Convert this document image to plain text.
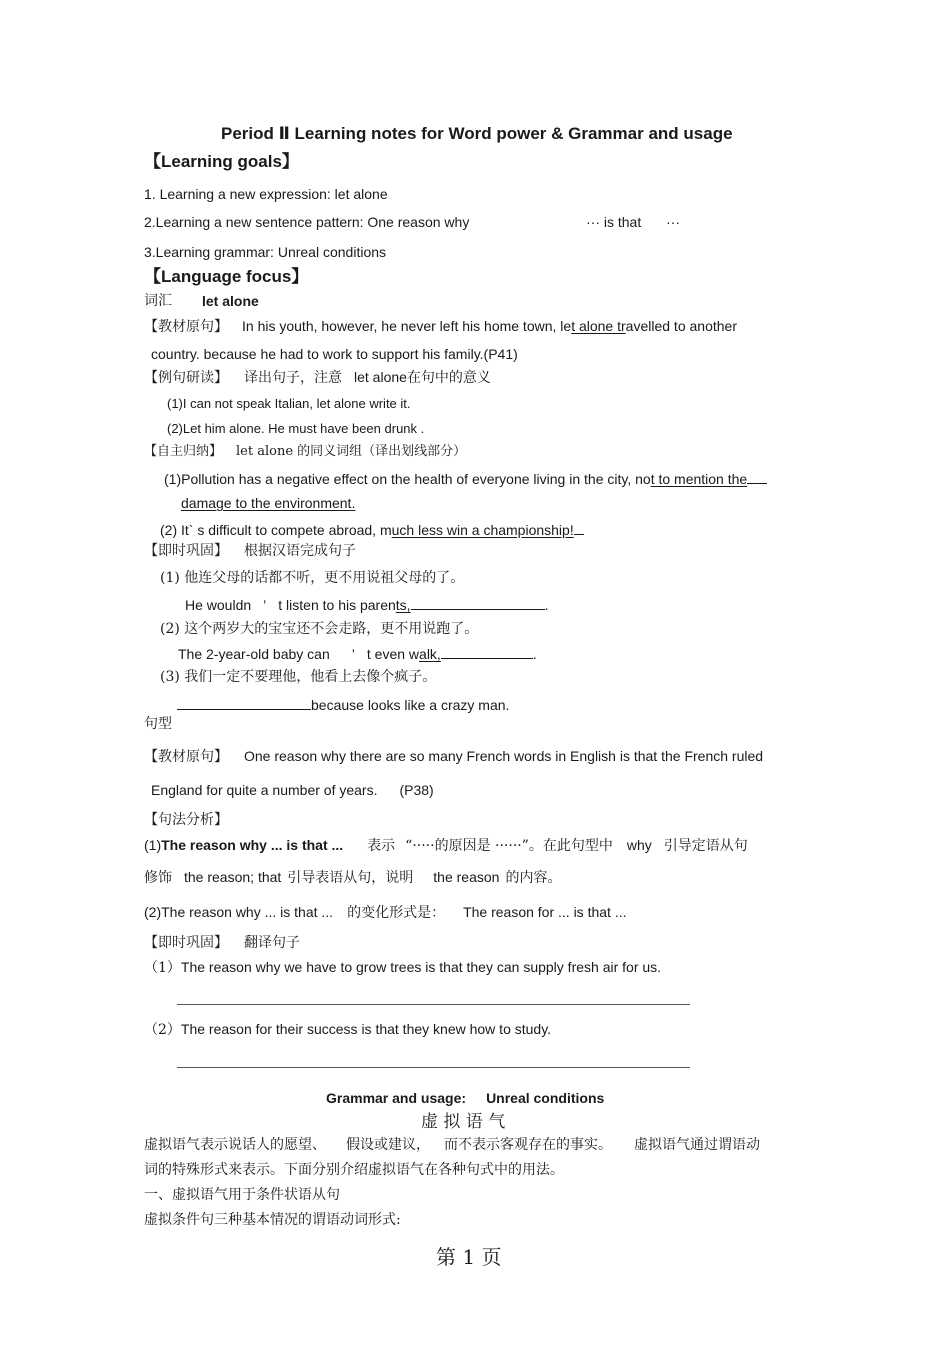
Period Ⅱ Learning notes for Word power & Grammar and usage
【Learning goals】
1. Learning a new expression: let alone
2.Learning a new sentence pattern: One reason why	··· is that ···
3.Learning grammar: Unreal conditions
【Language focus】
词汇 let alone
【教材原句】 In his youth, however, he never left his home town, let alone travelled to another
country. because he had to work to support his family.(P41)
【例句研读】 译出句子，注意 let alone在句中的意义
(1)I can not speak Italian, let alone write it.
(2)Let him alone. He must have been drunk .
【自主归纳】 let alone 的同义词组（译出划线部分）
(1)Pollution has a negative effect on the health of everyone living in the city, not to mention the
damage to the environment.
(2) It` s difficult to compete abroad, much less win a championship!
【即时巩固】 根据汉语完成句子
(1) 他连父母的话都不听，更不用说祖父母的了。
He wouldn ’ t listen to his parents,	.
(2) 这个两岁大的宝宝还不会走路，更不用说跑了。
The 2-year-old baby can ’ t even walk,	.
(3) 我们一定不要理他，他看上去像个疯子。
because looks like a crazy man.
句型
【教材原句】 One reason why there are so many French words in English is that the French ruled
England for quite a number of years. (P38)
【句法分析】
(1)The reason why ... is that ... 表示 “·····的原因是 ······”。在此句型中 why 引导定语从句
修饰 the reason; that 引导表语从句，说明 the reason 的内容。
(2)The reason why ... is that ... 的变化形式是： The reason for ... is that ...
【即时巩固】 翻译句子
（1）The reason why we have to grow trees is that they can supply fresh air for us.
（2）The reason for their success is that they knew how to study.
Grammar and usage: Unreal conditions
虚 拟 语 气
虚拟语气表示说话人的愿望、 假设或建议， 而不表示客观存在的事实。 虚拟语气通过谓语动
词的特殊形式来表示。下面分别介绍虚拟语气在各种句式中的用法。
一、虚拟语气用于条件状语从句
虚拟条件句三种基本情况的谓语动词形式:
第 1 页
